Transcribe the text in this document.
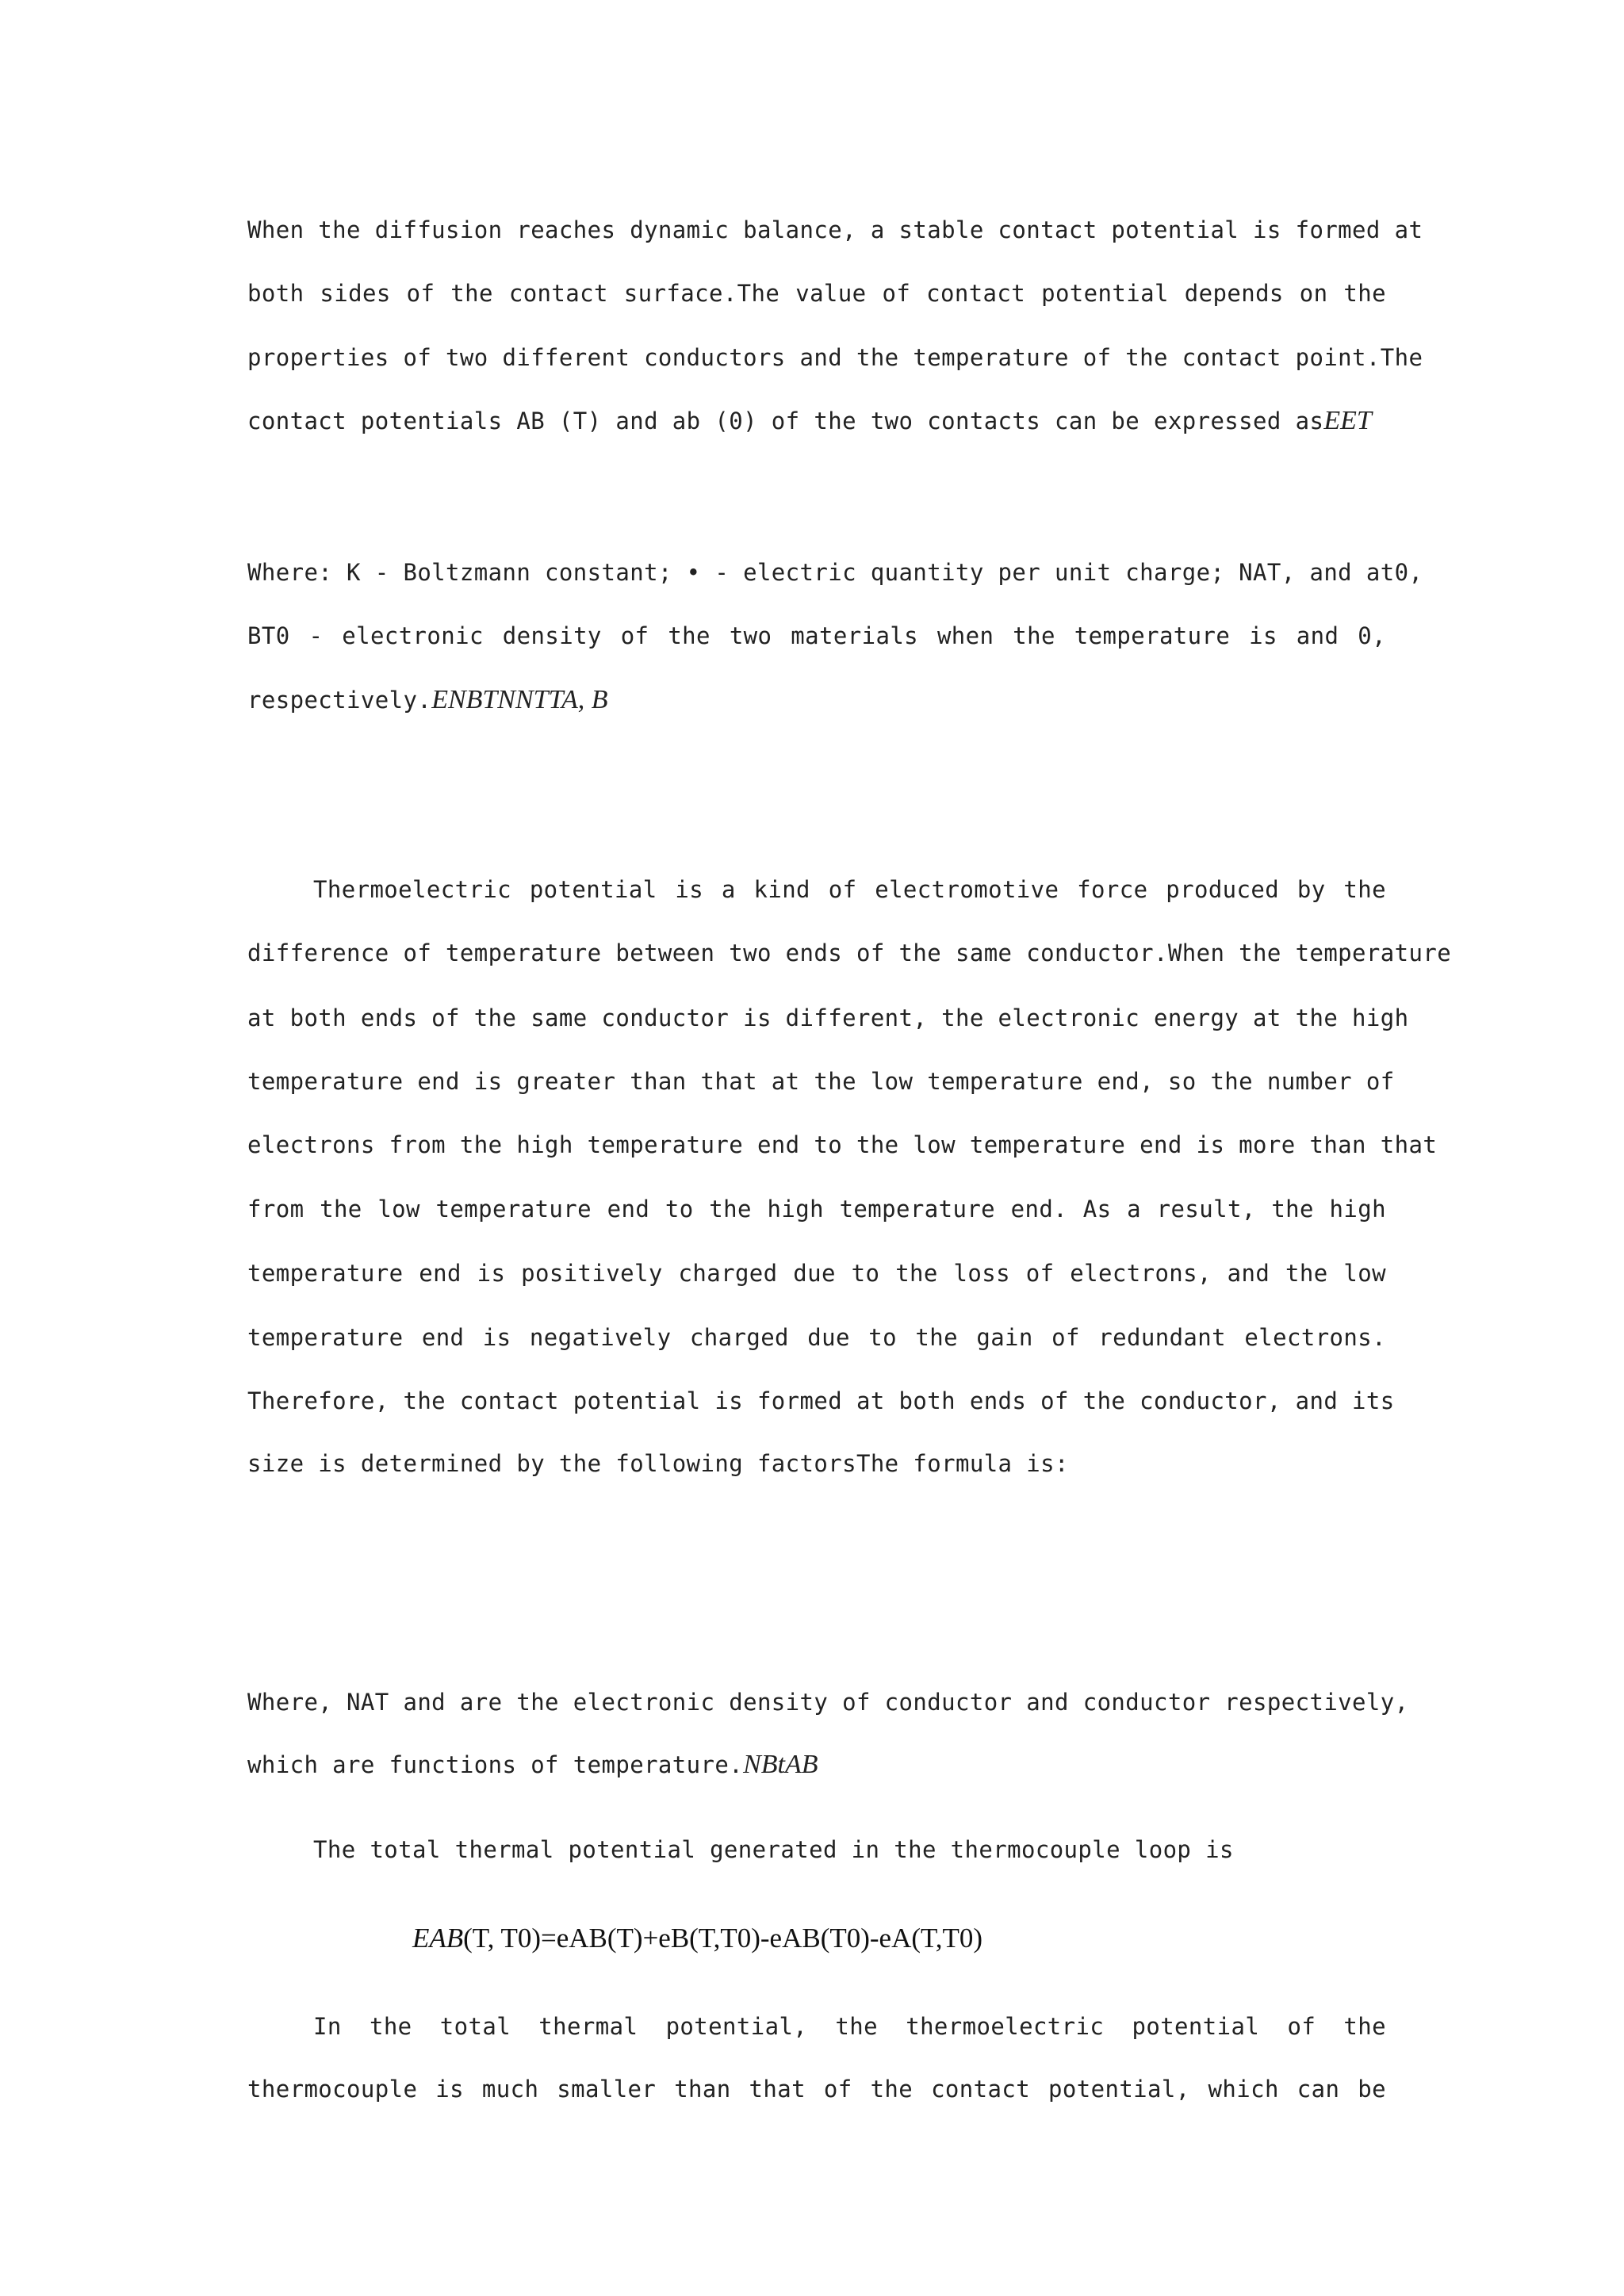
When the diffusion reaches dynamic balance, a stable contact potential is formed at
both sides of the contact surface.The value of contact potential depends on the
properties of two different conductors and the temperature of the contact point.The
contact potentials AB (T) and ab (0) of the two contacts can be expressed asEET
Where: K - Boltzmann constant; • - electric quantity per unit charge; NAT, and at0,
BT0 - electronic density of the two materials when the temperature is and 0,
respectively.ENBTNNTTA, B
Thermoelectric potential is a kind of electromotive force produced by the
difference of temperature between two ends of the same conductor.When the temperature
at both ends of the same conductor is different, the electronic energy at the high
temperature end is greater than that at the low temperature end, so the number of
electrons from the high temperature end to the low temperature end is more than that
from the low temperature end to the high temperature end. As a result, the high
temperature end is positively charged due to the loss of electrons, and the low
temperature end is negatively charged due to the gain of redundant electrons.
Therefore, the contact potential is formed at both ends of the conductor, and its
size is determined by the following factorsThe formula is:
Where, NAT and are the electronic density of conductor and conductor respectively,
which are functions of temperature.NBtAB
The total thermal potential generated in the thermocouple loop is
EAB(T, T0)=eAB(T)+eB(T,T0)-eAB(T0)-eA(T,T0)
In the total thermal potential, the thermoelectric potential of the
thermocouple is much smaller than that of the contact potential, which can be
